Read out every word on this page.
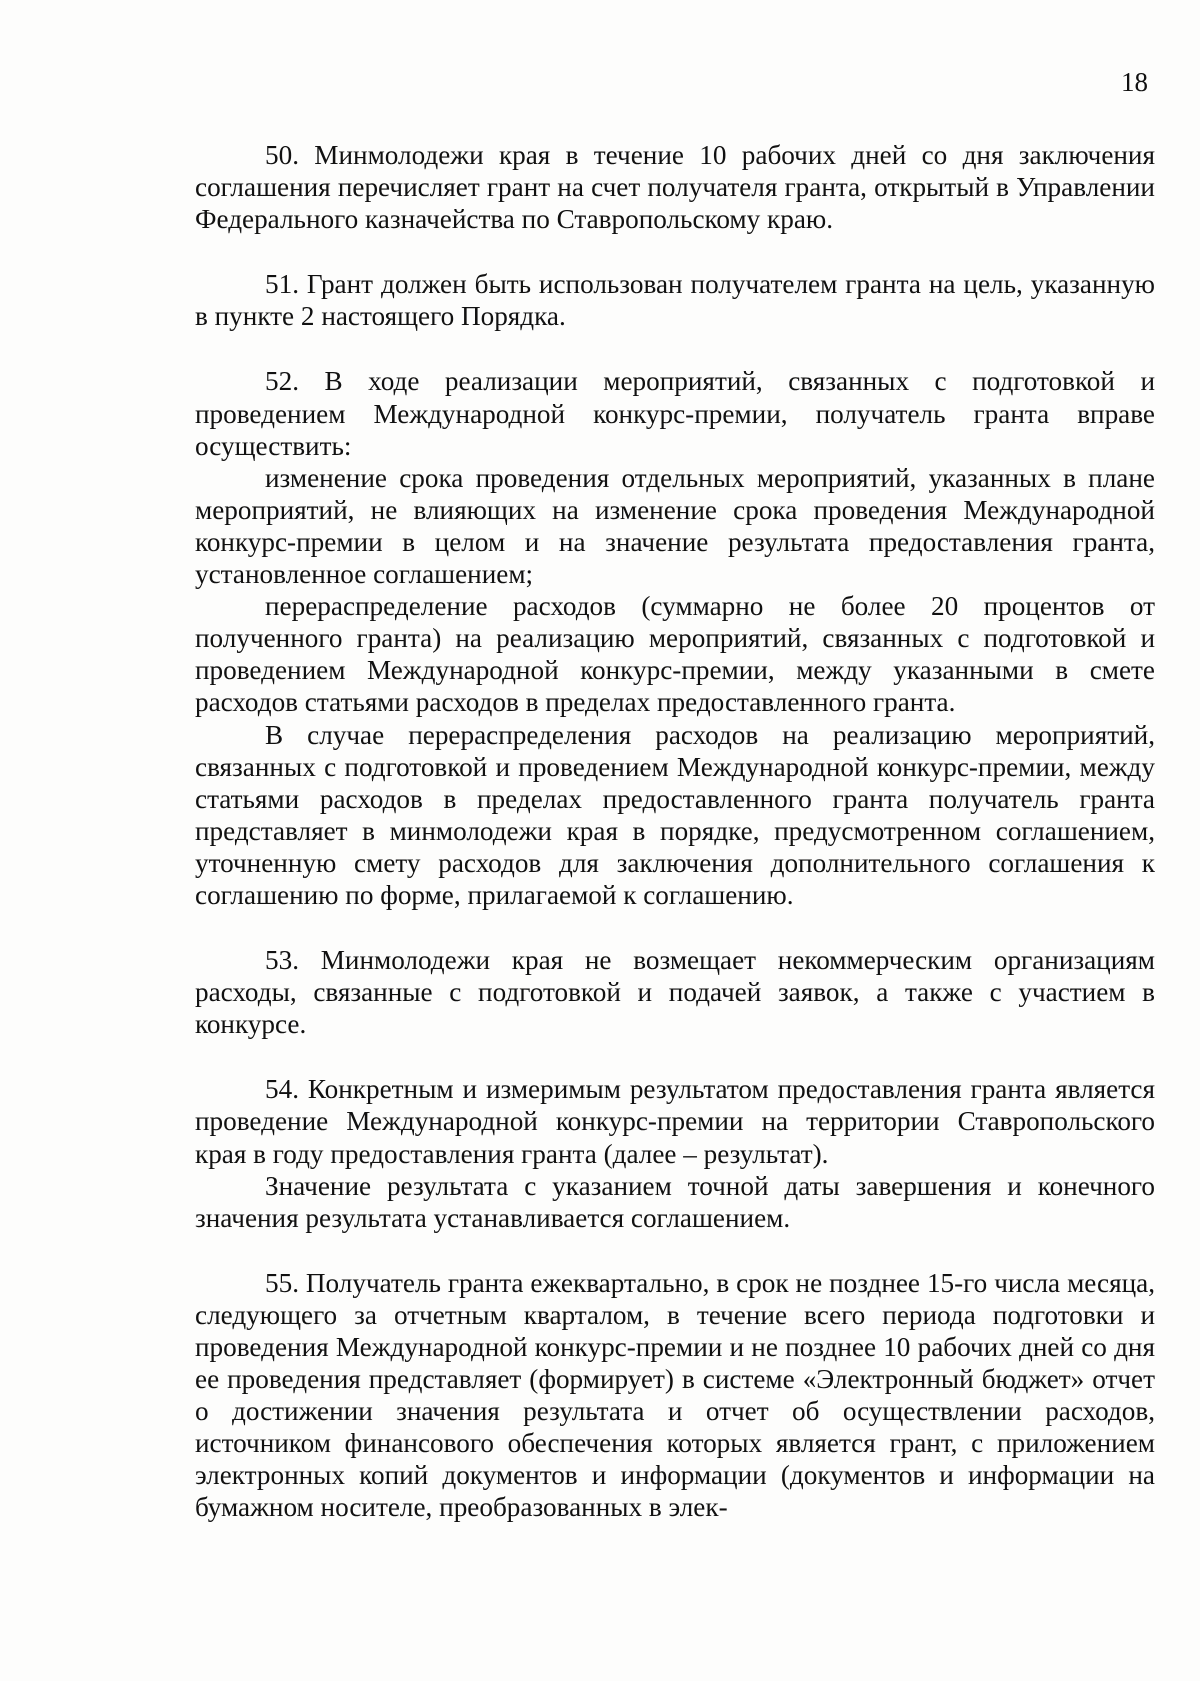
18

50. Минмолодежи края в течение 10 рабочих дней со дня заключения соглашения перечисляет грант на счет получателя гранта, открытый в Управлении Федерального казначейства по Ставропольскому краю.

51. Грант должен быть использован получателем гранта на цель, указанную в пункте 2 настоящего Порядка.

52. В ходе реализации мероприятий, связанных с подготовкой и проведением Международной конкурс-премии, получатель гранта вправе осуществить:

изменение срока проведения отдельных мероприятий, указанных в плане мероприятий, не влияющих на изменение срока проведения Международной конкурс-премии в целом и на значение результата предоставления гранта, установленное соглашением;

перераспределение расходов (суммарно не более 20 процентов от полученного гранта) на реализацию мероприятий, связанных с подготовкой и проведением Международной конкурс-премии, между указанными в смете расходов статьями расходов в пределах предоставленного гранта.

В случае перераспределения расходов на реализацию мероприятий, связанных с подготовкой и проведением Международной конкурс-премии, между статьями расходов в пределах предоставленного гранта получатель гранта представляет в минмолодежи края в порядке, предусмотренном соглашением, уточненную смету расходов для заключения дополнительного соглашения к соглашению по форме, прилагаемой к соглашению.

53. Минмолодежи края не возмещает некоммерческим организациям расходы, связанные с подготовкой и подачей заявок, а также с участием в конкурсе.

54. Конкретным и измеримым результатом предоставления гранта является проведение Международной конкурс-премии на территории Ставропольского края в году предоставления гранта (далее – результат).

Значение результата с указанием точной даты завершения и конечного значения результата устанавливается соглашением.

55. Получатель гранта ежеквартально, в срок не позднее 15-го числа месяца, следующего за отчетным кварталом, в течение всего периода подготовки и проведения Международной конкурс-премии и не позднее 10 рабочих дней со дня ее проведения представляет (формирует) в системе «Электронный бюджет» отчет о достижении значения результата и отчет об осуществлении расходов, источником финансового обеспечения которых является грант, с приложением электронных копий документов и информации (документов и информации на бумажном носителе, преобразованных в элек-
